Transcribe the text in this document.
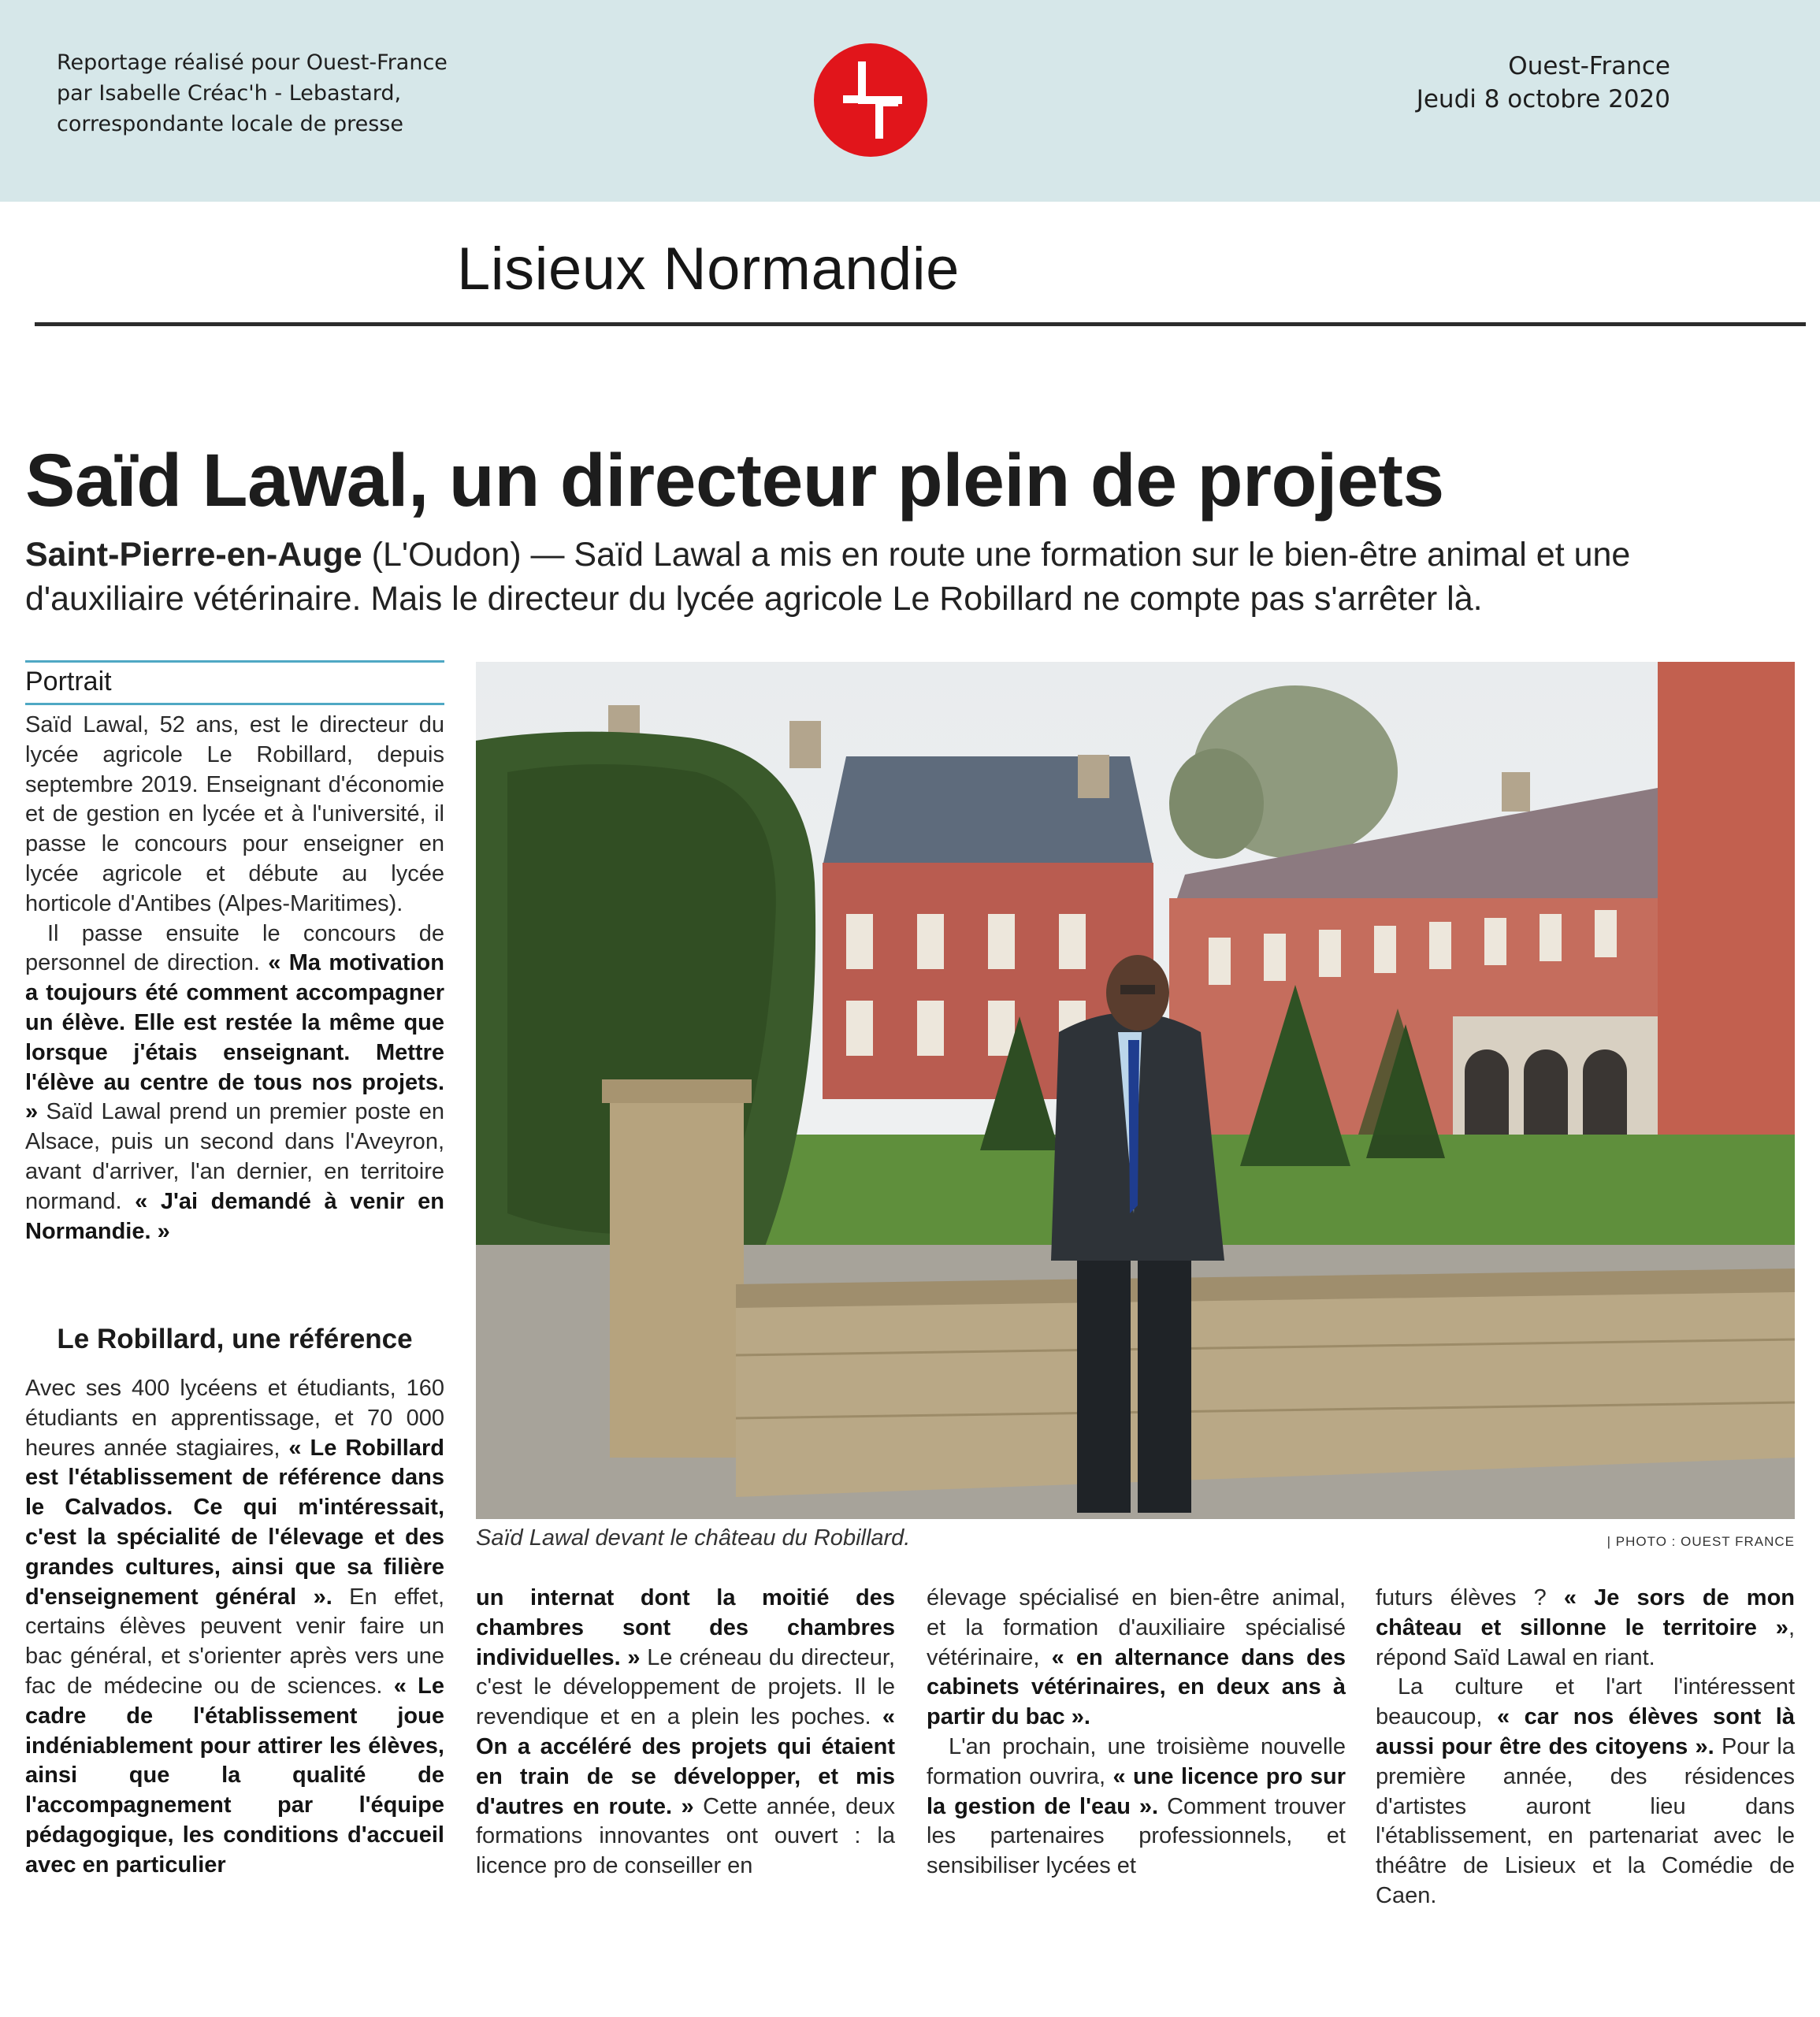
Reportage réalisé pour Ouest-France
par Isabelle Créac'h - Lebastard,
correspondante locale de presse
Ouest-France
Jeudi 8 octobre 2020
Lisieux Normandie
Saïd Lawal, un directeur plein de projets
Saint-Pierre-en-Auge (L'Oudon) — Saïd Lawal a mis en route une formation sur le bien-être animal et une d'auxiliaire vétérinaire. Mais le directeur du lycée agricole Le Robillard ne compte pas s'arrêter là.
Portrait

Saïd Lawal, 52 ans, est le directeur du lycée agricole Le Robillard, depuis septembre 2019. Enseignant d'économie et de gestion en lycée et à l'université, il passe le concours pour enseigner en lycée agricole et débute au lycée horticole d'Antibes (Alpes-Maritimes).

Il passe ensuite le concours de personnel de direction. « Ma motivation a toujours été comment accompagner un élève. Elle est restée la même que lorsque j'étais enseignant. Mettre l'élève au centre de tous nos projets. » Saïd Lawal prend un premier poste en Alsace, puis un second dans l'Aveyron, avant d'arriver, l'an dernier, en territoire normand. « J'ai demandé à venir en Normandie. »

Le Robillard, une référence

Avec ses 400 lycéens et étudiants, 160 étudiants en apprentissage, et 70 000 heures année stagiaires, « Le Robillard est l'établissement de référence dans le Calvados. Ce qui m'intéressait, c'est la spécialité de l'élevage et des grandes cultures, ainsi que sa filière d'enseignement général ». En effet, certains élèves peuvent venir faire un bac général, et s'orienter après vers une fac de médecine ou de sciences. « Le cadre de l'établissement joue indéniablement pour attirer les élèves, ainsi que la qualité de l'accompagnement par l'équipe pédagogique, les conditions d'accueil avec en particulier

Saïd Lawal devant le château du Robillard.	| PHOTO : OUEST FRANCE

un internat dont la moitié des chambres sont des chambres individuelles. » Le créneau du directeur, c'est le développement de projets. Il le revendique et en a plein les poches. « On a accéléré des projets qui étaient en train de se développer, et mis d'autres en route. » Cette année, deux formations innovantes ont ouvert : la licence pro de conseiller en

élevage spécialisé en bien-être animal, et la formation d'auxiliaire spécialisé vétérinaire, « en alternance dans des cabinets vétérinaires, en deux ans à partir du bac ».

L'an prochain, une troisième nouvelle formation ouvrira, « une licence pro sur la gestion de l'eau ». Comment trouver les partenaires professionnels, et sensibiliser lycées et

futurs élèves ? « Je sors de mon château et sillonne le territoire », répond Saïd Lawal en riant.

La culture et l'art l'intéressent beaucoup, « car nos élèves sont là aussi pour être des citoyens ». Pour la première année, des résidences d'artistes auront lieu dans l'établissement, en partenariat avec le théâtre de Lisieux et la Comédie de Caen.
